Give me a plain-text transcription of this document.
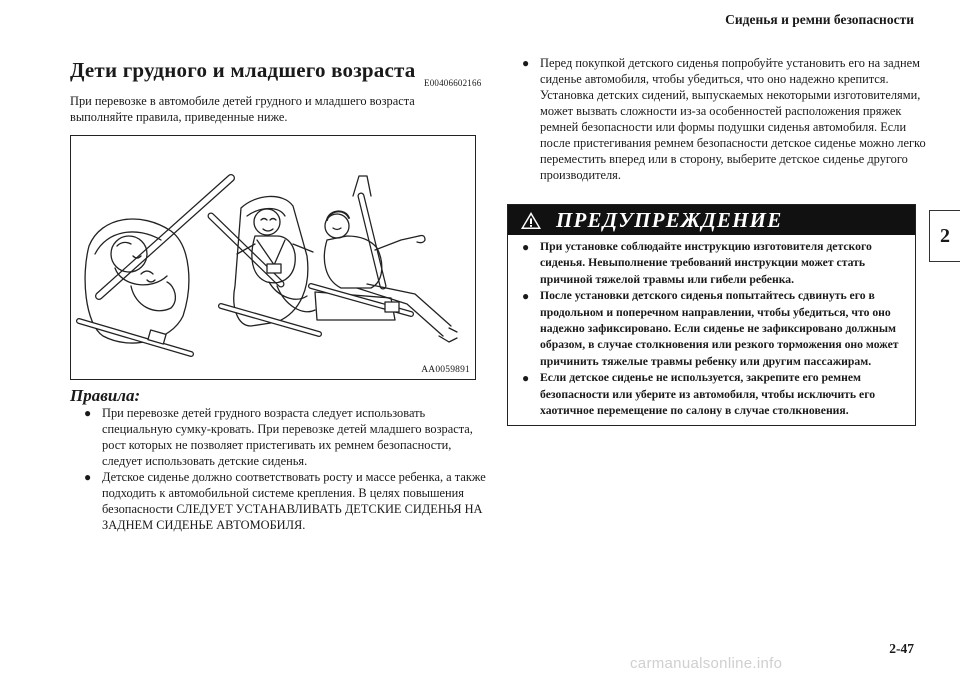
Сиденья и ремни безопасности
2
Дети грудного и младшего возраста
E00406602166
При перевозке в автомобиле детей грудного и младшего возраста выполняйте правила, приведенные ниже.
AA0059891
Правила:
● При перевозке детей грудного возраста следует использовать специальную сумку-кровать. При перевозке детей младшего возраста, рост которых не позволяет пристегивать их ремнем безопасности, следует использовать детские сиденья.
● Детское сиденье должно соответствовать росту и массе ребенка, а также подходить к автомобильной системе крепления. В целях повышения безопасности СЛЕДУЕТ УСТАНАВЛИВАТЬ ДЕТСКИЕ СИДЕНЬЯ НА ЗАДНЕМ СИДЕНЬЕ АВТОМОБИЛЯ.
● Перед покупкой детского сиденья попробуйте установить его на заднем сиденье автомобиля, чтобы убедиться, что оно надежно крепится. Установка детских сидений, выпускаемых некоторыми изготовителями, может вызвать сложности из-за особенностей расположения пряжек ремней безопасности или формы подушки сиденья автомобиля. Если после пристегивания ремнем безопасности детское сиденье можно легко переместить вперед или в сторону, выберите детское сиденье другого производителя.
ПРЕДУПРЕЖДЕНИЕ
● При установке соблюдайте инструкцию изготовителя детского сиденья. Невыполнение требований инструкции может стать причиной тяжелой травмы или гибели ребенка.
● После установки детского сиденья попытайтесь сдвинуть его в продольном и поперечном направлении, чтобы убедиться, что оно надежно зафиксировано. Если сиденье не зафиксировано должным образом, в случае столкновения или резкого торможения оно может причинить тяжелые травмы ребенку или другим пассажирам.
● Если детское сиденье не используется, закрепите его ремнем безопасности или уберите из автомобиля, чтобы исключить его хаотичное перемещение по салону в случае столкновения.
2-47
carmanualsonline.info
